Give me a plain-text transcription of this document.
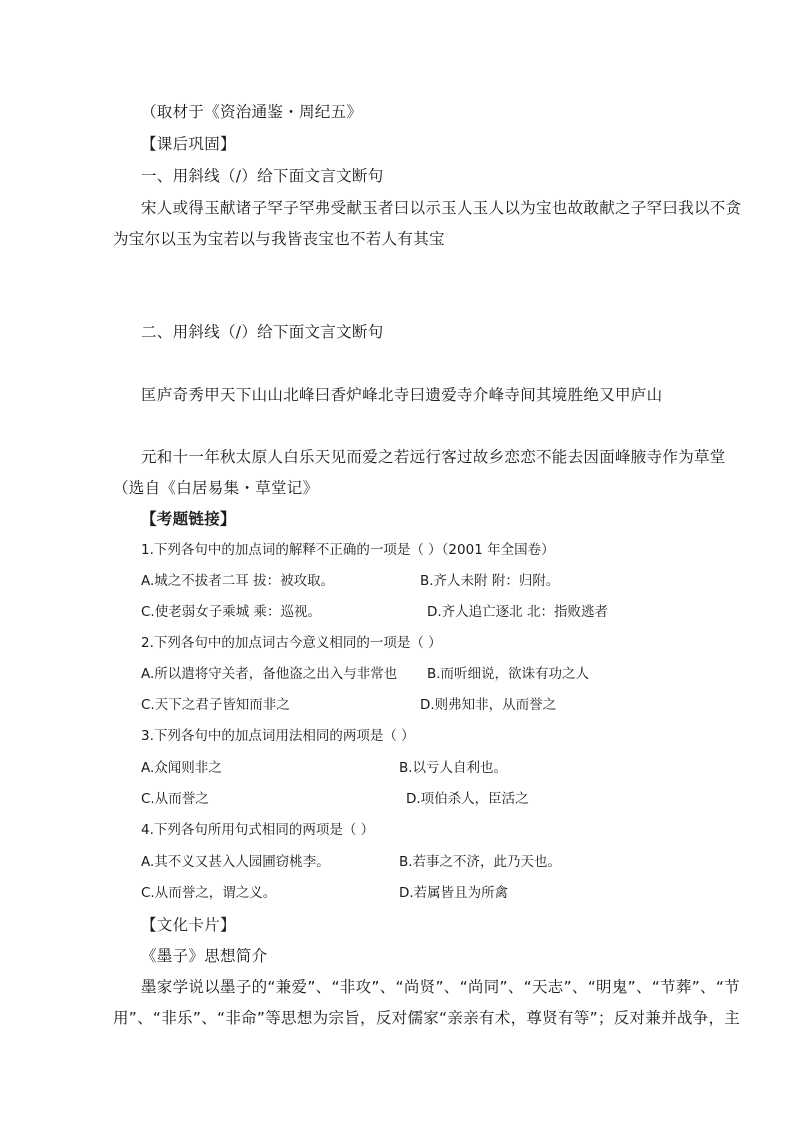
（取材于《资治通鉴・周纪五》
【课后巩固】
一、用斜线（/）给下面文言文断句
宋人或得玉献诸子罕子罕弗受献玉者曰以示玉人玉人以为宝也故敢献之子罕曰我以不贪
为宝尔以玉为宝若以与我皆丧宝也不若人有其宝
二、用斜线（/）给下面文言文断句
匡庐奇秀甲天下山山北峰曰香炉峰北寺曰遗爱寺介峰寺间其境胜绝又甲庐山
元和十一年秋太原人白乐天见而爱之若远行客过故乡恋恋不能去因面峰腋寺作为草堂
（选自《白居易集・草堂记》
【考题链接】
1.下列各句中的加点词的解释不正确的一项是（ ）（2001 年全国卷）
A.城之不拔者二耳 拔：被攻取。	B.齐人未附 附：归附。
C.使老弱女子乘城 乘：巡视。	D.齐人追亡逐北 北：指败逃者
2.下列各句中的加点词古今意义相同的一项是（ ）
A.所以遣将守关者，备他盗之出入与非常也 B.而听细说，欲诛有功之人
C.天下之君子皆知而非之	D.则弗知非，从而誉之
3.下列各句中的加点词用法相同的两项是（ ）
A.众闻则非之	B.以亏人自利也。
C.从而誉之	D.项伯杀人，臣活之
4.下列各句所用句式相同的两项是（ ）
A.其不义又甚入人园圃窃桃李。	B.若事之不济，此乃天也。
C.从而誉之，谓之义。	D.若属皆且为所禽
【文化卡片】
《墨子》思想简介
墨家学说以墨子的“兼爱”、“非攻”、“尚贤”、“尚同”、“天志”、“明鬼”、“节葬”、“节
用”、“非乐”、“非命”等思想为宗旨，反对儒家“亲亲有术，尊贤有等”；反对兼并战争，主
